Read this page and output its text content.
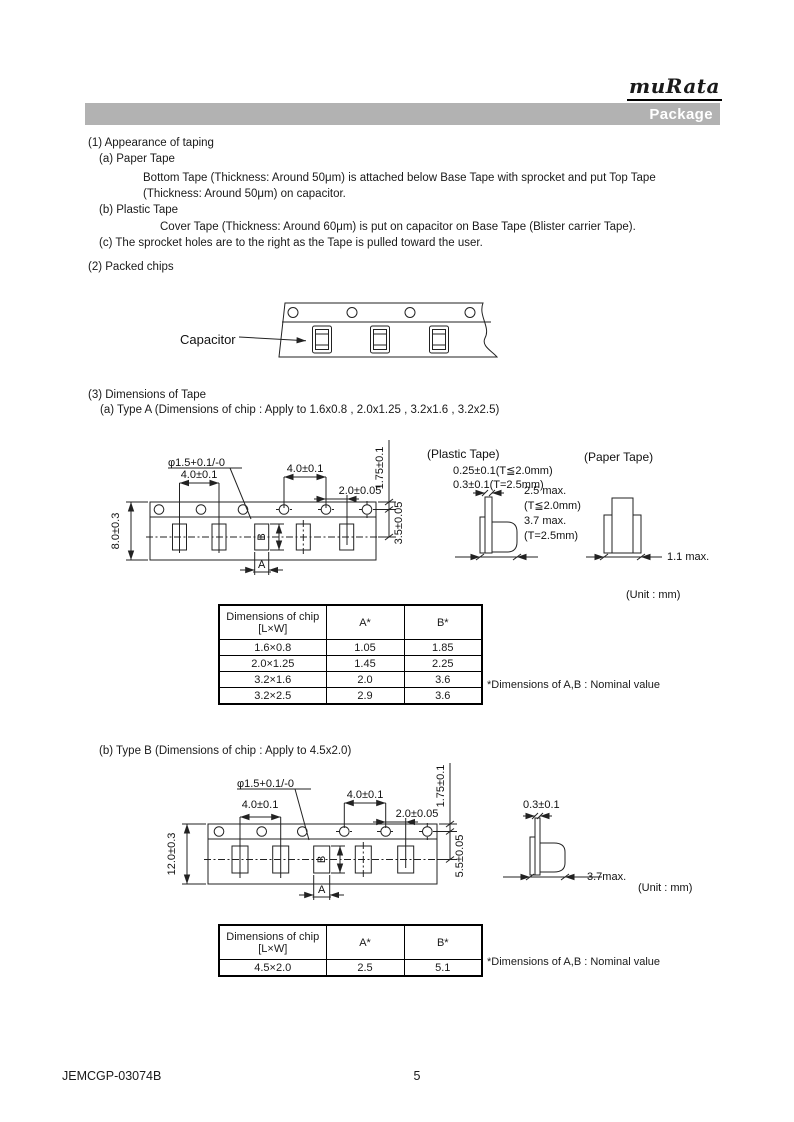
muRata
Package
(1) Appearance of taping
(a) Paper Tape
Bottom Tape (Thickness: Around 50μm) is attached below Base Tape with sprocket and put Top Tape
(Thickness: Around 50μm) on capacitor.
(b) Plastic Tape
Cover Tape (Thickness: Around 60μm) is put on capacitor on Base Tape (Blister carrier Tape).
(c) The sprocket holes are to the right as the Tape is pulled toward the user.
(2) Packed chips
Capacitor
(3) Dimensions of Tape
(a) Type A (Dimensions of chip : Apply to 1.6x0.8 , 2.0x1.25 , 3.2x1.6 , 3.2x2.5)
4.0±0.1
φ1.5+0.1/-0	4.0±0.1
2.0±0.05
1.75±0.1
3.5±0.05
8.0±0.3	B
A
(Plastic Tape)
0.25±0.1(T≦2.0mm)
0.3±0.1(T=2.5mm)
2.5 max.
(T≦2.0mm)
3.7 max.
(T=2.5mm)
(Paper Tape)
1.1 max.
(Unit : mm)
Dimensions of chip
[L×W]	A*	B*
1.6×0.8	1.05	1.85
2.0×1.25	1.45	2.25
3.2×1.6	2.0	3.6
3.2×2.5	2.9	3.6
*Dimensions of A,B : Nominal value
(b) Type B (Dimensions of chip : Apply to 4.5x2.0)
4.0±0.1
φ1.5+0.1/-0
4.0±0.1
2.0±0.05
1.75±0.1
5.5±0.05
12.0±0.3	B
A
0.3±0.1
3.7max.
(Unit : mm)
Dimensions of chip
[L×W]	A*	B*
4.5×2.0	2.5	5.1	*Dimensions of A,B : Nominal value
JEMCGP-03074B	5
